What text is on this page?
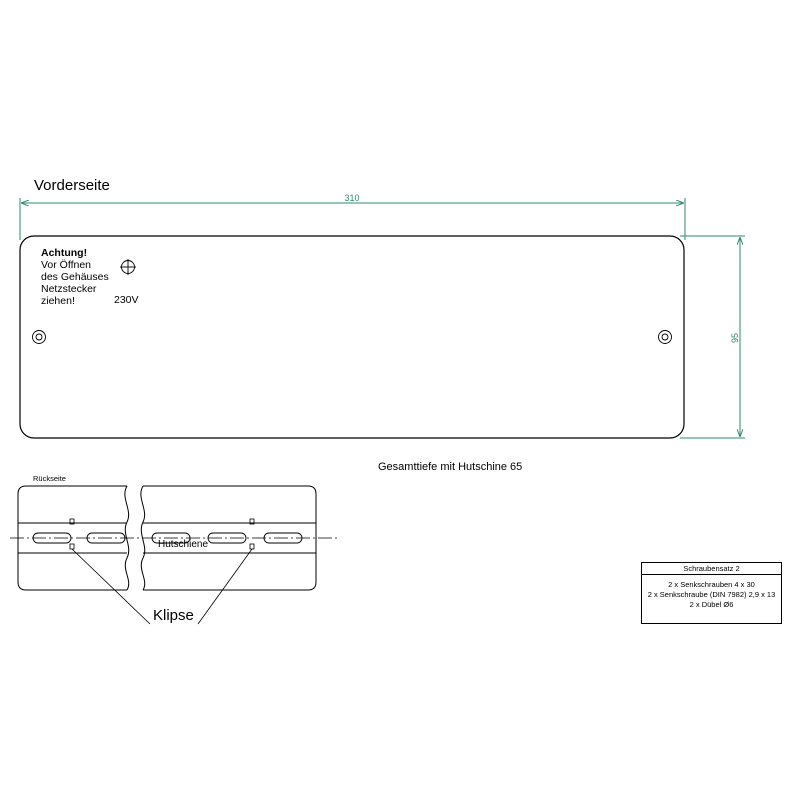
310
95
Vorderseite
Achtung!
Vor Öffnen
des Gehäuses
Netzstecker
ziehen!	230V
Gesamttiefe mit Hutschine 65
Rückseite
Hutschiene
Klipse
Schraubensatz 2
2 x Senkschrauben 4 x 30
2 x Senkschraube (DIN 7982) 2,9 x 13
2 x Dübel Ø6
